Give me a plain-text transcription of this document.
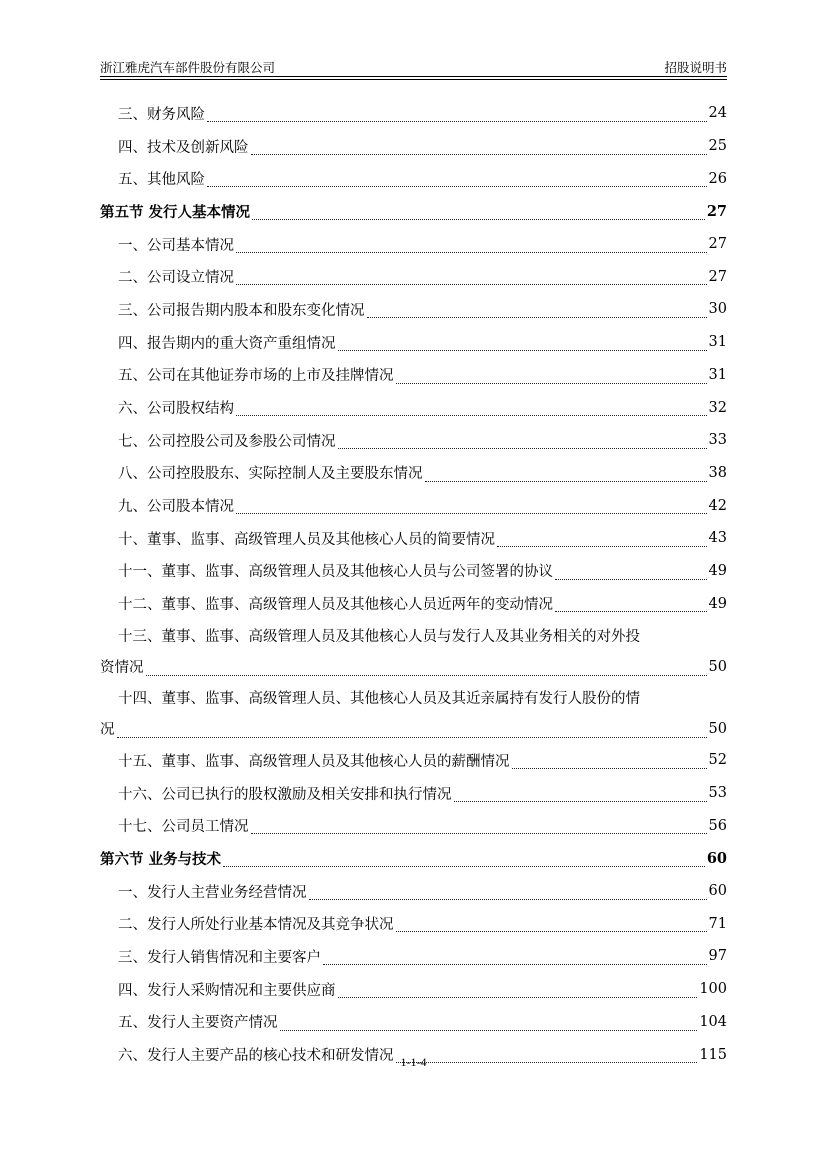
浙江雅虎汽车部件股份有限公司	招股说明书
三、财务风险	24
四、技术及创新风险	25
五、其他风险	26
第五节 发行人基本情况	27
一、公司基本情况	27
二、公司设立情况	27
三、公司报告期内股本和股东变化情况	30
四、报告期内的重大资产重组情况	31
五、公司在其他证券市场的上市及挂牌情况	31
六、公司股权结构	32
七、公司控股公司及参股公司情况	33
八、公司控股股东、实际控制人及主要股东情况	38
九、公司股本情况	42
十、董事、监事、高级管理人员及其他核心人员的简要情况	43
十一、董事、监事、高级管理人员及其他核心人员与公司签署的协议	49
十二、董事、监事、高级管理人员及其他核心人员近两年的变动情况	49
十三、董事、监事、高级管理人员及其他核心人员与发行人及其业务相关的对外投
资情况	50
十四、董事、监事、高级管理人员、其他核心人员及其近亲属持有发行人股份的情
况	50
十五、董事、监事、高级管理人员及其他核心人员的薪酬情况	52
十六、公司已执行的股权激励及相关安排和执行情况	53
十七、公司员工情况	56
第六节 业务与技术	60
一、发行人主营业务经营情况	60
二、发行人所处行业基本情况及其竞争状况	71
三、发行人销售情况和主要客户	97
四、发行人采购情况和主要供应商	100
五、发行人主要资产情况	104
六、发行人主要产品的核心技术和研发情况	115
1-1-4
